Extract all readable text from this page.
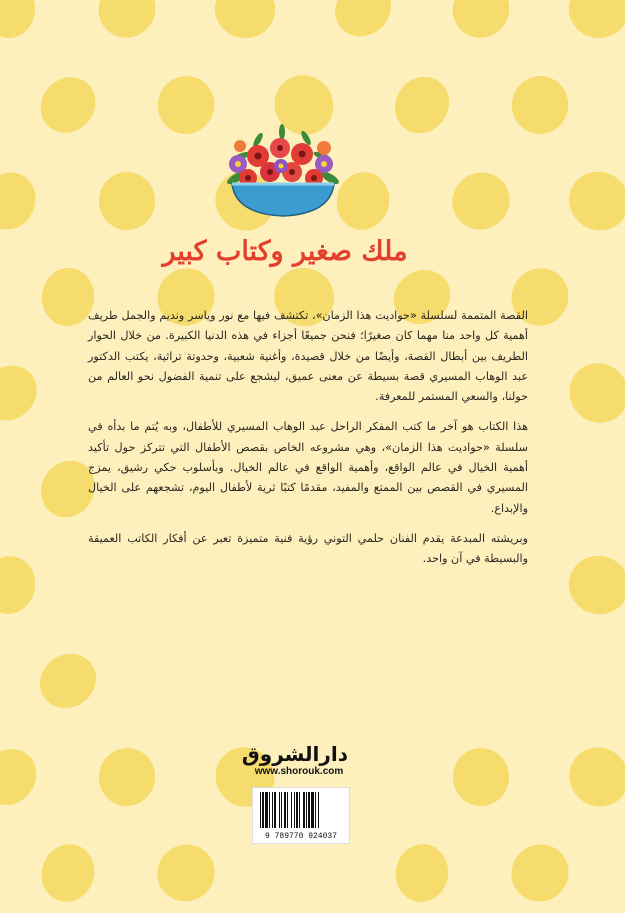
ملك صغير وكتاب كبير

القصة المتممة لسلسلة «حواديت هذا الزمان»، تكتشف فيها مع نور وياسر ونديم والجمل طريف أهمية كل واحد منا مهما كان صغيرًا؛ فنحن جميعًا أجزاء في هذه الدنيا الكبيرة. من خلال الحوار الطريف بين أبطال القصة، وأيضًا من خلال قصيدة، وأغنية شعبية، وحدوتة تراثية، يكتب الدكتور عبد الوهاب المسيري قصة بسيطة عن معنى عميق، ليشجع على تنمية الفضول نحو العالم من حولنا، والسعي المستمر للمعرفة.

هذا الكتاب هو آخر ما كتب المفكر الراحل عبد الوهاب المسيري للأطفال، وبه يُتم ما بدأه في سلسلة «حواديت هذا الزمان»، وهي مشروعه الخاص بقصص الأطفال التي تتركز حول تأكيد أهمية الخيال في عالم الواقع، وأهمية الواقع في عالم الخيال. وبأسلوب حكي رشيق، يمزج المسيري في القصص بين الممتع والمفيد، مقدمًا كتبًا ثرية لأطفال اليوم، تشجعهم على الخيال والإبداع.

وبريشته المبدعة يقدم الفنان حلمي التوني رؤية فنية متميزة تعبر عن أفكار الكاتب العميقة والبسيطة في آن واحد.

دارالشروق
www.shorouk.com
9 789770 924037
